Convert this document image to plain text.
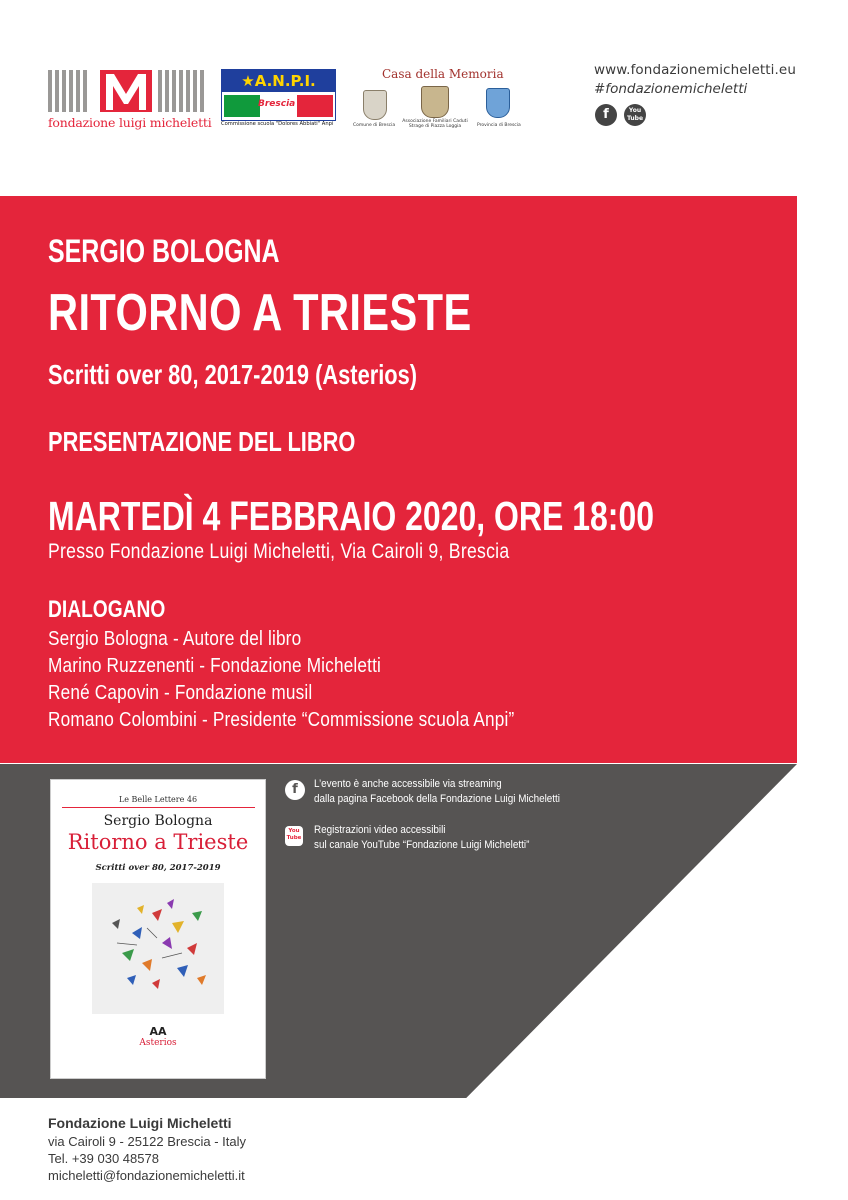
fondazione luigi micheletti
★A.N.P.I.
Brescia
Commissione scuola "Dolores Abbiati" Anpi
Casa della Memoria
Comune di Brescia
Associazione Familiari Caduti Strage di Piazza Loggia	Provincia di Brescia
www.fondazionemicheletti.eu
#fondazionemicheletti
f	You Tube
SERGIO BOLOGNA
RITORNO A TRIESTE
Scritti over 80, 2017-2019 (Asterios)
PRESENTAZIONE DEL LIBRO
MARTEDÌ 4 FEBBRAIO 2020, ORE 18:00
Presso Fondazione Luigi Micheletti, Via Cairoli 9, Brescia
DIALOGANO
Sergio Bologna - Autore del libro
Marino Ruzzenenti - Fondazione Micheletti
René Capovin - Fondazione musil
Romano Colombini - Presidente “Commissione scuola Anpi”
Le Belle Lettere 46
Sergio Bologna
Ritorno a Trieste
Scritti over 80, 2017-2019
AA
Asterios
f	L’evento è anche accessibile via streaming
dalla pagina Facebook della Fondazione Luigi Micheletti
You
Tube
Registrazioni video accessibili
sul canale YouTube “Fondazione Luigi Micheletti”
Fondazione Luigi Micheletti
via Cairoli 9 - 25122 Brescia - Italy
Tel. +39 030 48578
micheletti@fondazionemicheletti.it
